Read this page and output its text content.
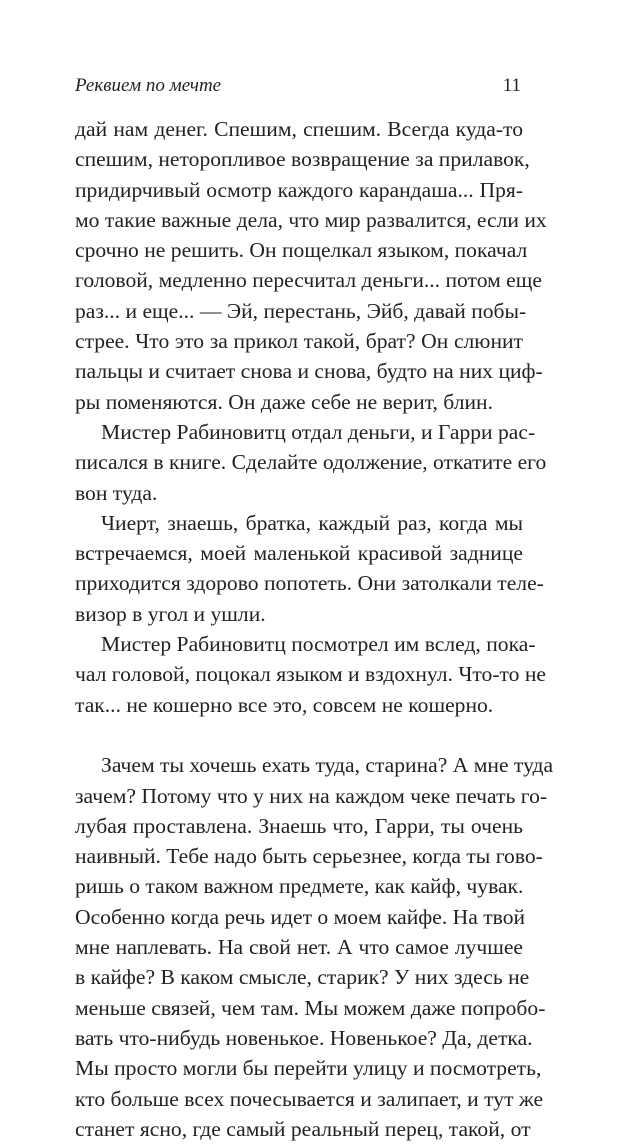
Реквием по мечте	11
дай нам денег. Спешим, спешим. Всегда куда-то
спешим, неторопливое возвращение за прилавок,
придирчивый осмотр каждого карандаша... Пря-
мо такие важные дела, что мир развалится, если их
срочно не решить. Он пощелкал языком, покачал
головой, медленно пересчитал деньги... потом еще
раз... и еще... — Эй, перестань, Эйб, давай побы-
стрее. Что это за прикол такой, брат? Он слюнит
пальцы и считает снова и снова, будто на них циф-
ры поменяются. Он даже себе не верит, блин.
Мистер Рабиновитц отдал деньги, и Гарри рас-
писался в книге. Сделайте одолжение, откатите его
вон туда.
Чиерт, знаешь, братка, каждый раз, когда мы
встречаемся, моей маленькой красивой заднице
приходится здорово попотеть. Они затолкали теле-
визор в угол и ушли.
Мистер Рабиновитц посмотрел им вслед, пока-
чал головой, поцокал языком и вздохнул. Что-то не
так... не кошерно все это, совсем не кошерно.
Зачем ты хочешь ехать туда, старина? А мне туда
зачем? Потому что у них на каждом чеке печать го-
лубая проставлена. Знаешь что, Гарри, ты очень
наивный. Тебе надо быть серьезнее, когда ты гово-
ришь о таком важном предмете, как кайф, чувак.
Особенно когда речь идет о моем кайфе. На твой
мне наплевать. На свой нет. А что самое лучшее
в кайфе? В каком смысле, старик? У них здесь не
меньше связей, чем там. Мы можем даже попробо-
вать что-нибудь новенькое. Новенькое? Да, детка.
Мы просто могли бы перейти улицу и посмотреть,
кто больше всех почесывается и залипает, и тут же
станет ясно, где самый реальный перец, такой, от
